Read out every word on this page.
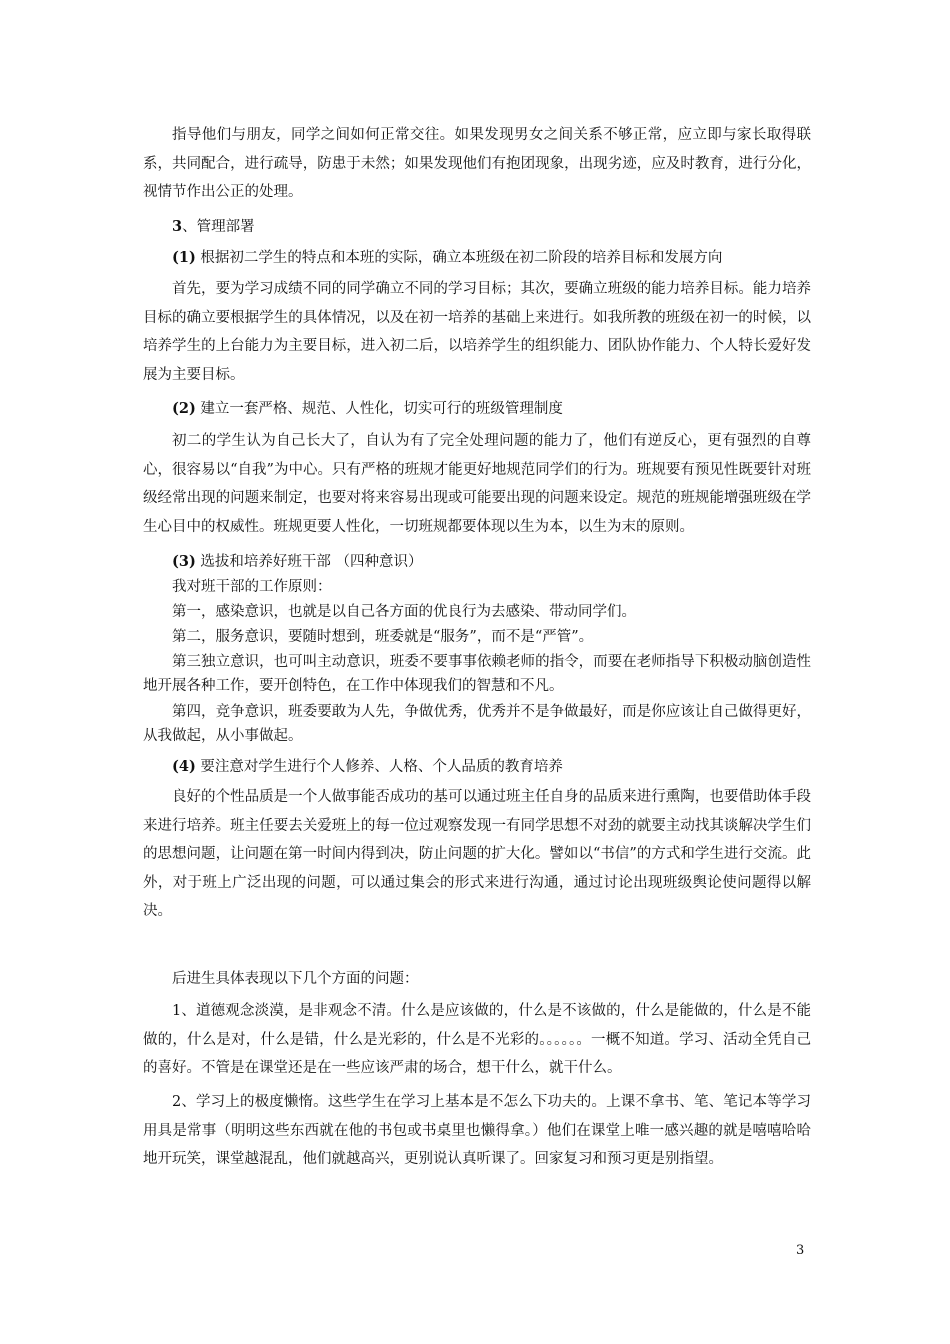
指导他们与朋友，同学之间如何正常交往。如果发现男女之间关系不够正常，应立即与家长取得联系，共同配合，进行疏导，防患于未然；如果发现他们有抱团现象，出现劣迹，应及时教育，进行分化，视情节作出公正的处理。

3、管理部署

(1) 根据初二学生的特点和本班的实际，确立本班级在初二阶段的培养目标和发展方向

首先，要为学习成绩不同的同学确立不同的学习目标；其次，要确立班级的能力培养目标。能力培养目标的确立要根据学生的具体情况，以及在初一培养的基础上来进行。如我所教的班级在初一的时候，以培养学生的上台能力为主要目标，进入初二后，以培养学生的组织能力、团队协作能力、个人特长爱好发展为主要目标。

(2) 建立一套严格、规范、人性化，切实可行的班级管理制度

初二的学生认为自己长大了，自认为有了完全处理问题的能力了，他们有逆反心，更有强烈的自尊心，很容易以“自我”为中心。只有严格的班规才能更好地规范同学们的行为。班规要有预见性既要针对班级经常出现的问题来制定，也要对将来容易出现或可能要出现的问题来设定。规范的班规能增强班级在学生心目中的权威性。班规更要人性化，一切班规都要体现以生为本，以生为末的原则。

(3) 选拔和培养好班干部 （四种意识）

我对班干部的工作原则：

第一，感染意识，也就是以自己各方面的优良行为去感染、带动同学们。

第二，服务意识，要随时想到，班委就是“服务”，而不是“严管”。

第三独立意识，也可叫主动意识，班委不要事事依赖老师的指令，而要在老师指导下积极动脑创造性地开展各种工作，要开创特色，在工作中体现我们的智慧和不凡。

第四，竞争意识，班委要敢为人先，争做优秀，优秀并不是争做最好，而是你应该让自己做得更好，从我做起，从小事做起。

(4) 要注意对学生进行个人修养、人格、个人品质的教育培养

良好的个性品质是一个人做事能否成功的基可以通过班主任自身的品质来进行熏陶，也要借助体手段来进行培养。班主任要去关爱班上的每一位过观察发现一有同学思想不对劲的就要主动找其谈解决学生们的思想问题，让问题在第一时间内得到决，防止问题的扩大化。譬如以“书信”的方式和学生进行交流。此外，对于班上广泛出现的问题，可以通过集会的形式来进行沟通，通过讨论出现班级舆论使问题得以解决。

后进生具体表现以下几个方面的问题：

1、道德观念淡漠，是非观念不清。什么是应该做的，什么是不该做的，什么是能做的，什么是不能做的，什么是对，什么是错，什么是光彩的，什么是不光彩的。。。。。。一概不知道。学习、活动全凭自己的喜好。不管是在课堂还是在一些应该严肃的场合，想干什么，就干什么。

2、学习上的极度懒惰。这些学生在学习上基本是不怎么下功夫的。上课不拿书、笔、笔记本等学习用具是常事（明明这些东西就在他的书包或书桌里也懒得拿。）他们在课堂上唯一感兴趣的就是嘻嘻哈哈地开玩笑，课堂越混乱，他们就越高兴，更别说认真听课了。回家复习和预习更是别指望。

3
